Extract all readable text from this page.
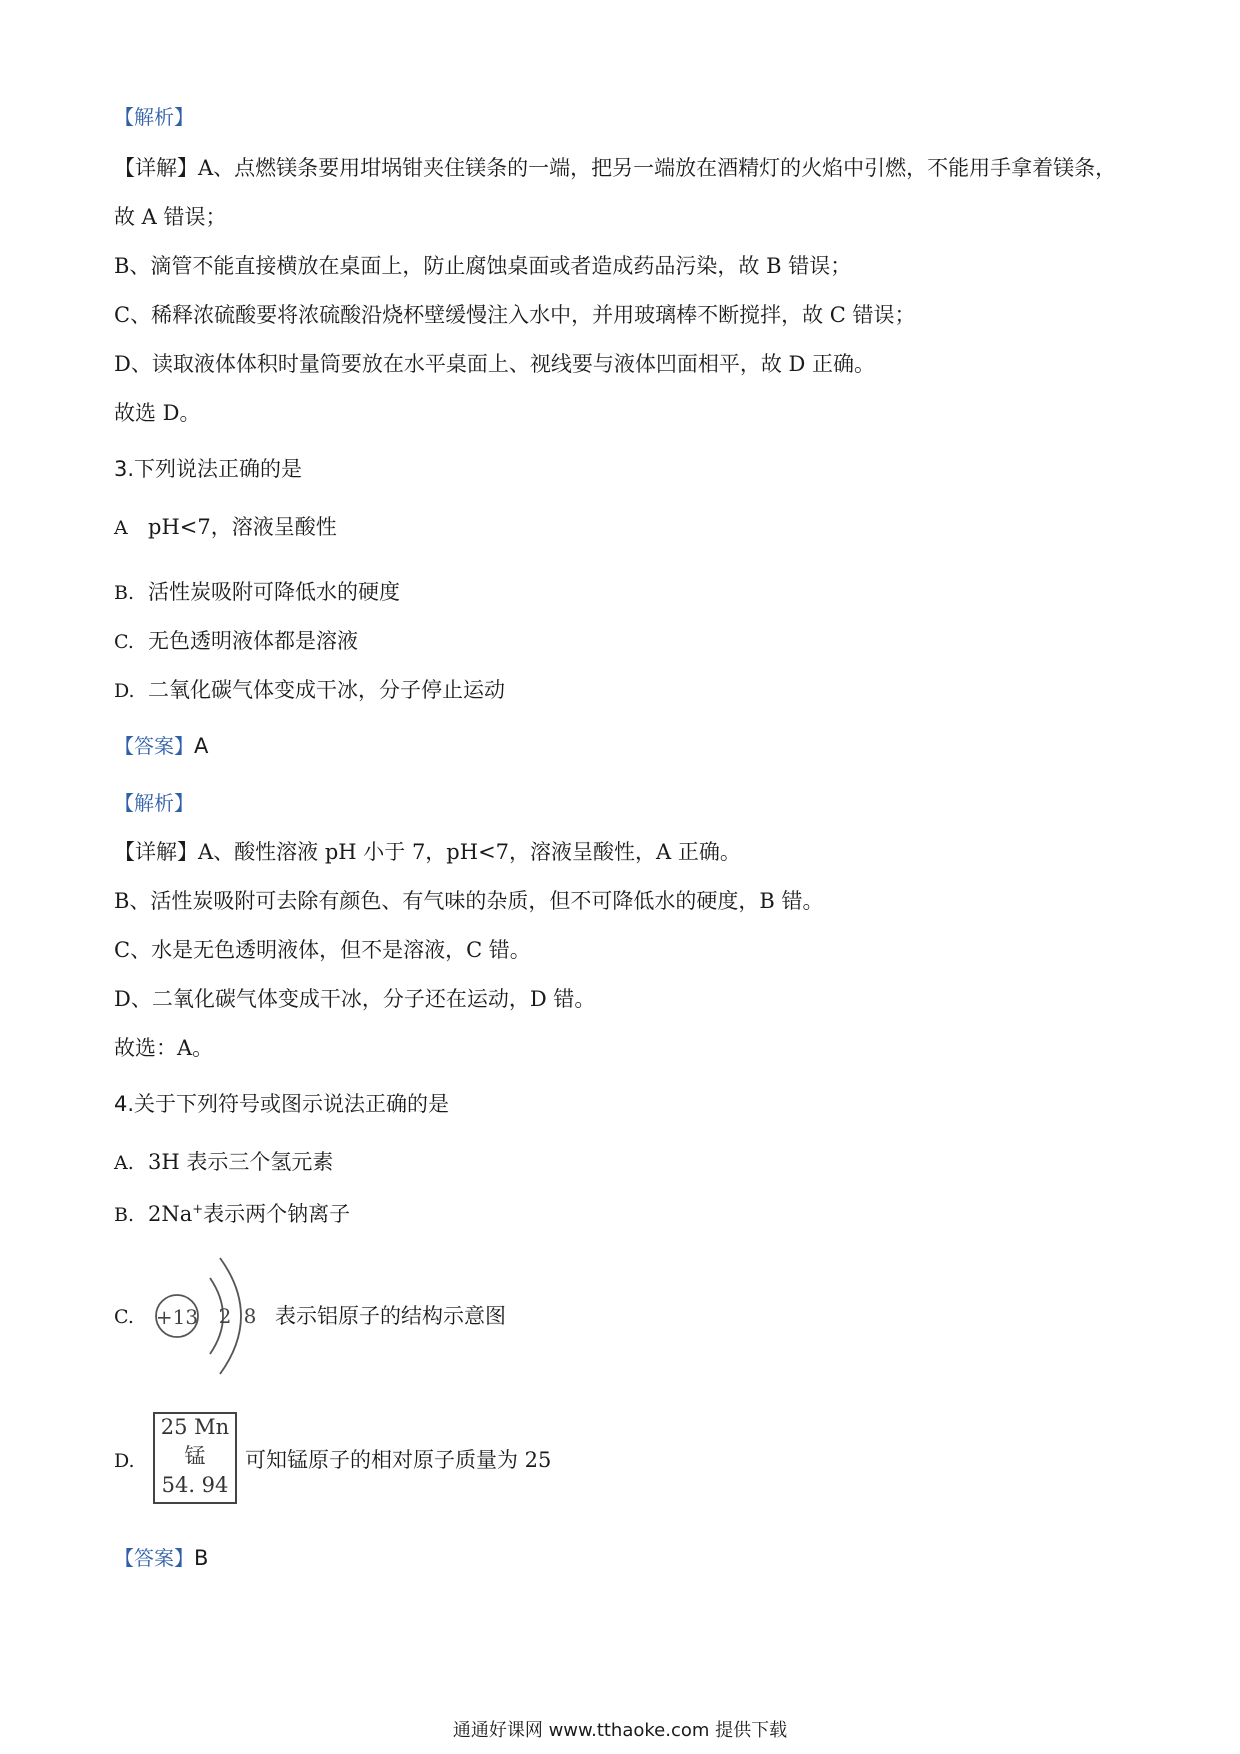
【解析】
【详解】A、点燃镁条要用坩埚钳夹住镁条的一端，把另一端放在酒精灯的火焰中引燃，不能用手拿着镁条，
故 A 错误；
B、滴管不能直接横放在桌面上，防止腐蚀桌面或者造成药品污染，故 B 错误；
C、稀释浓硫酸要将浓硫酸沿烧杯壁缓慢注入水中，并用玻璃棒不断搅拌，故 C 错误；
D、读取液体体积时量筒要放在水平桌面上、视线要与液体凹面相平，故 D 正确。
故选 D。
3.下列说法正确的是
A pH<7，溶液呈酸性
B. 活性炭吸附可降低水的硬度
C. 无色透明液体都是溶液
D. 二氧化碳气体变成干冰，分子停止运动
【答案】A
【解析】
【详解】A、酸性溶液 pH 小于 7，pH<7，溶液呈酸性，A 正确。
B、活性炭吸附可去除有颜色、有气味的杂质，但不可降低水的硬度，B 错。
C、水是无色透明液体，但不是溶液，C 错。
D、二氧化碳气体变成干冰，分子还在运动，D 错。
故选：A。
4.关于下列符号或图示说法正确的是
A. 3H 表示三个氢元素
B. 2Na+表示两个钠离子
C.	+13 2 8 表示铝原子的结构示意图
D.
25 Mn
锰
54. 94
可知锰原子的相对原子质量为 25
【答案】B
通通好课网 www.tthaoke.com 提供下载
